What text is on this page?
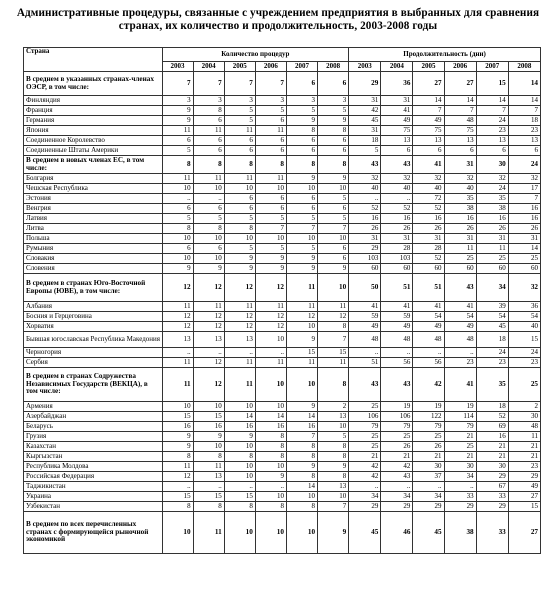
Административные процедуры, связанные с учреждением предприятия в выбранных для сравнения странах, их количество и продолжительность, 2003-2008 годы
Страна	Количество процедур						Продолжительность (дни)					
	2003	2004	2005	2006	2007	2008	2003	2004	2005	2006	2007	2008
В среднем в указанных странах-членах ОЭСР, в том числе:	7	7	7	7	6	6	29	36	27	27	15	14
Финляндия	3	3	3	3	3	3	31	31	14	14	14	14
Франция	9	8	5	5	5	5	42	41	7	7	7	7
Германия	9	6	5	6	9	9	45	49	49	48	24	18
Япония	11	11	11	11	8	8	31	75	75	75	23	23
Соединенное Королевство	6	6	6	6	6	6	18	13	13	13	13	13
Соединенные Штаты Америки	5	6	6	6	6	6	5	6	6	6	6	6
В среднем в новых членах ЕС, в том числе:	8	8	8	8	8	8	43	43	41	31	30	24
Болгария	11	11	11	11	9	9	32	32	32	32	32	32
Чешская Республика	10	10	10	10	10	10	40	40	40	40	24	17
Эстония	..	..	6	6	6	5	..	..	72	35	35	7
Венгрия	6	6	6	6	6	6	52	52	52	38	38	16
Латвия	5	5	5	5	5	5	16	16	16	16	16	16
Литва	8	8	8	7	7	7	26	26	26	26	26	26
Польша	10	10	10	10	10	10	31	31	31	31	31	31
Румыния	6	6	5	5	5	6	29	28	28	11	11	14
Словакия	10	10	9	9	9	6	103	103	52	25	25	25
Словения	9	9	9	9	9	9	60	60	60	60	60	60
В среднем в странах Юго-Восточной Европы (ЮВЕ), в том числе:	12	12	12	12	11	10	50	51	51	43	34	32
Албания	11	11	11	11	11	11	41	41	41	41	39	36
Босния и Герцеговина	12	12	12	12	12	12	59	59	54	54	54	54
Хорватия	12	12	12	12	10	8	49	49	49	49	45	40
Бывшая югославская Республика Македония	13	13	13	10	9	7	48	48	48	48	18	15
Черногория	..	..	..	..	15	15	..	..	..	..	24	24
Сербия	11	12	11	11	11	11	51	56	56	23	23	23
В среднем в странах Содружества Независимых Государств (ВЕКЦА), в том числе:	11	12	11	10	10	8	43	43	42	41	35	25
Армения	10	10	10	10	9	2	25	19	19	19	18	2
Азербайджан	15	15	14	14	14	13	106	106	122	114	52	30
Беларусь	16	16	16	16	16	10	79	79	79	79	69	48
Грузия	9	9	9	8	7	5	25	25	25	21	16	11
Казахстан	9	10	10	8	8	8	25	26	26	25	21	21
Кыргызстан	8	8	8	8	8	8	21	21	21	21	21	21
Республика Молдова	11	11	10	10	9	9	42	42	30	30	30	23
Российская Федерация	12	13	10	9	8	8	42	43	37	34	29	29
Таджикистан	..	..	..	..	14	13	..	..	..	..	67	49
Украина	15	15	15	10	10	10	34	34	34	33	33	27
Узбекистан	8	8	8	8	8	7	29	29	29	29	29	15
В среднем по всех перечисленных странах с формирующейся рыночной экономикой	10	11	10	10	10	9	45	46	45	38	33	27
